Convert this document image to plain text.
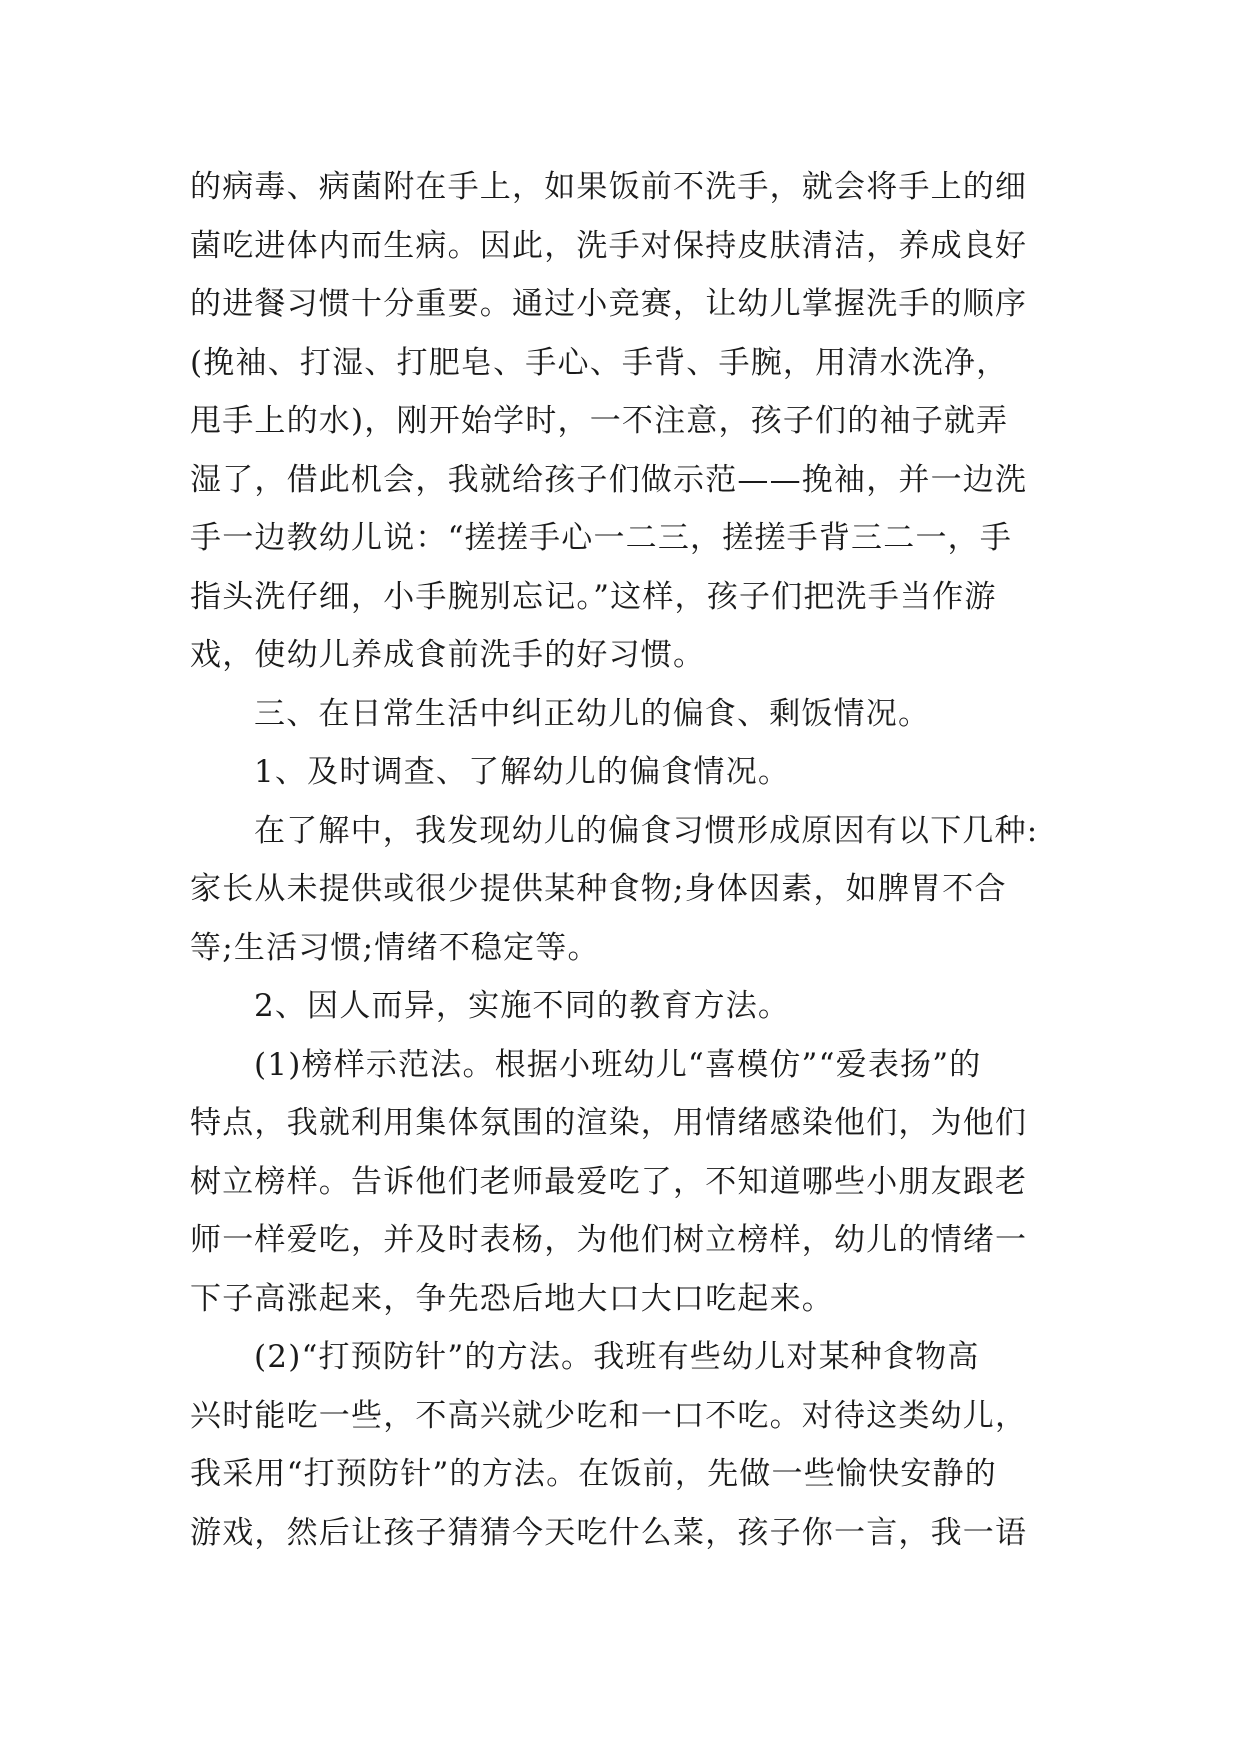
的病毒、病菌附在手上，如果饭前不洗手，就会将手上的细
菌吃进体内而生病。因此，洗手对保持皮肤清洁，养成良好
的进餐习惯十分重要。通过小竞赛，让幼儿掌握洗手的顺序
(挽袖、打湿、打肥皂、手心、手背、手腕，用清水洗净，
甩手上的水)，刚开始学时，一不注意，孩子们的袖子就弄
湿了，借此机会，我就给孩子们做示范——挽袖，并一边洗
手一边教幼儿说：“搓搓手心一二三，搓搓手背三二一，手
指头洗仔细，小手腕别忘记。”这样，孩子们把洗手当作游
戏，使幼儿养成食前洗手的好习惯。
三、在日常生活中纠正幼儿的偏食、剩饭情况。
1、及时调查、了解幼儿的偏食情况。
在了解中，我发现幼儿的偏食习惯形成原因有以下几种:
家长从未提供或很少提供某种食物;身体因素，如脾胃不合
等;生活习惯;情绪不稳定等。
2、因人而异，实施不同的教育方法。
(1)榜样示范法。根据小班幼儿“喜模仿”“爱表扬”的
特点，我就利用集体氛围的渲染，用情绪感染他们，为他们
树立榜样。告诉他们老师最爱吃了，不知道哪些小朋友跟老
师一样爱吃，并及时表杨，为他们树立榜样，幼儿的情绪一
下子高涨起来，争先恐后地大口大口吃起来。
(2)“打预防针”的方法。我班有些幼儿对某种食物高
兴时能吃一些，不高兴就少吃和一口不吃。对待这类幼儿，
我采用“打预防针”的方法。在饭前，先做一些愉快安静的
游戏，然后让孩子猜猜今天吃什么菜，孩子你一言，我一语
